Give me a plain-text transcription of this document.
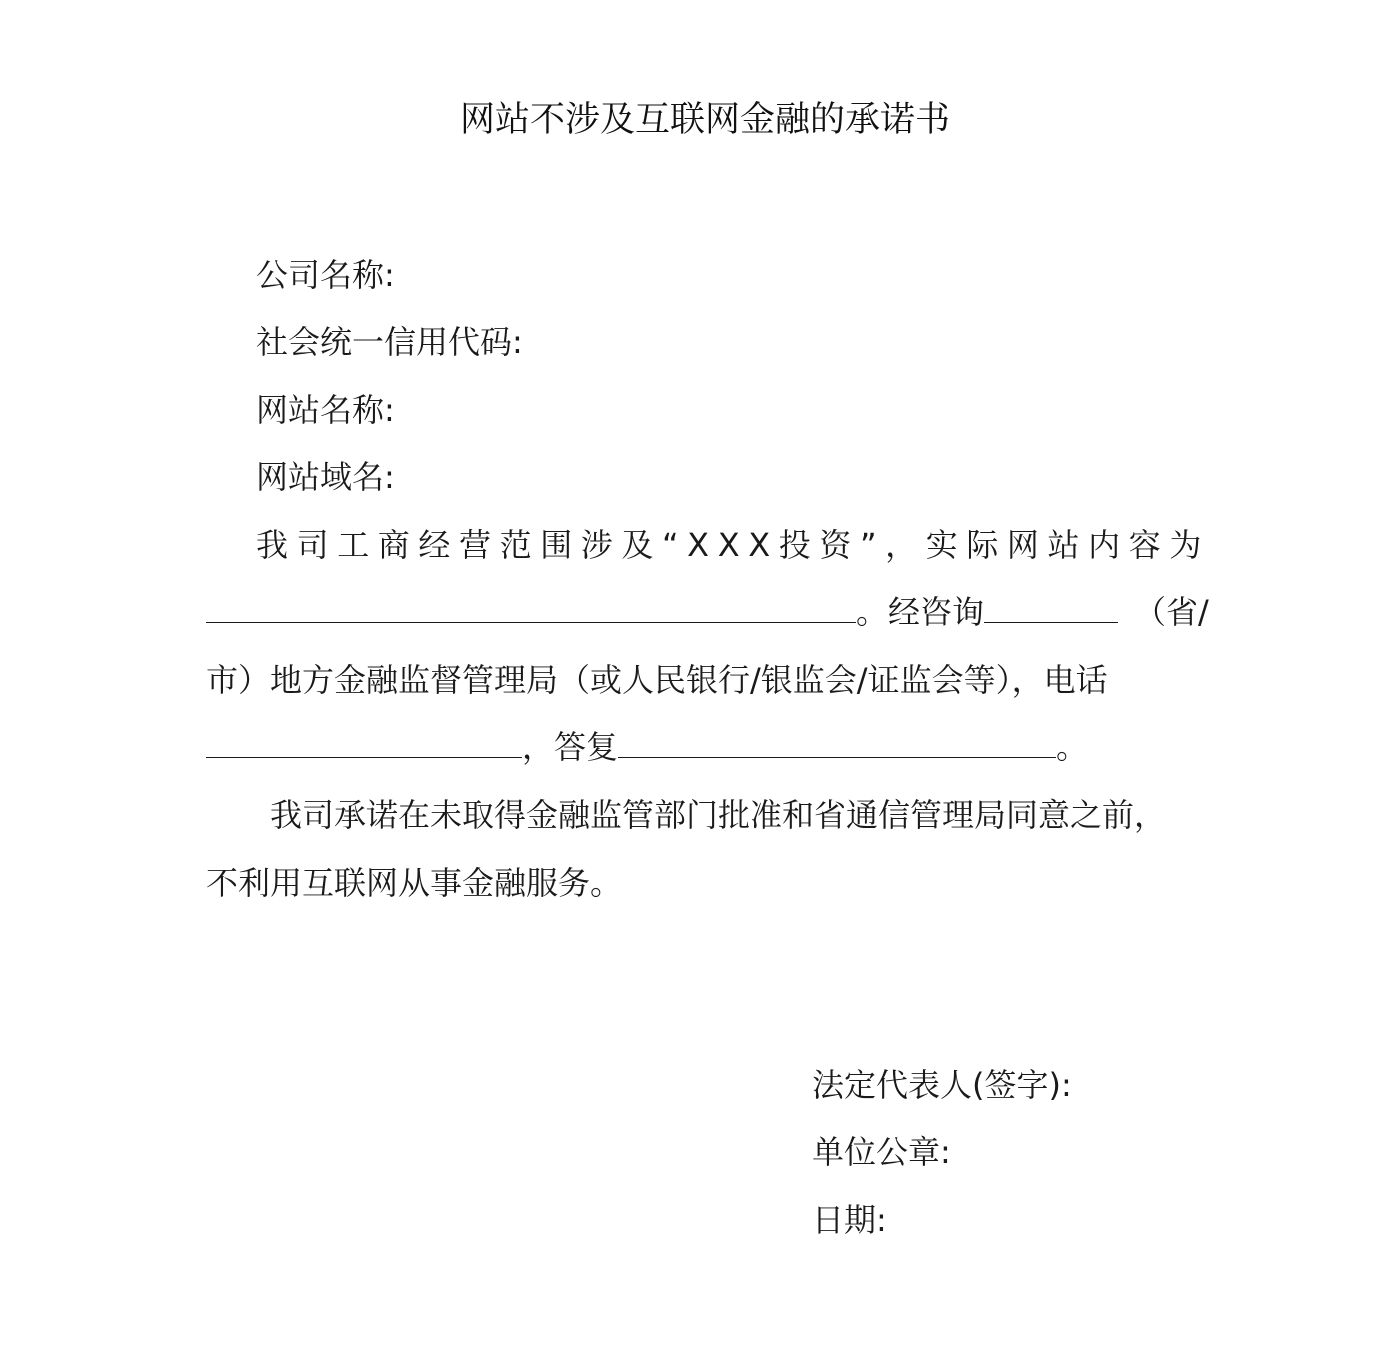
网站不涉及互联网金融的承诺书
公司名称:
社会统一信用代码:
网站名称:
网站域名:
我司工商经营范围涉及“XXX投资”，实际网站内容为
。经咨询	（省/
市）地方金融监督管理局（或人民银行/银监会/证监会等），电话
，答复	。
我司承诺在未取得金融监管部门批准和省通信管理局同意之前，
不利用互联网从事金融服务。
法定代表人(签字):
单位公章:
日期:
